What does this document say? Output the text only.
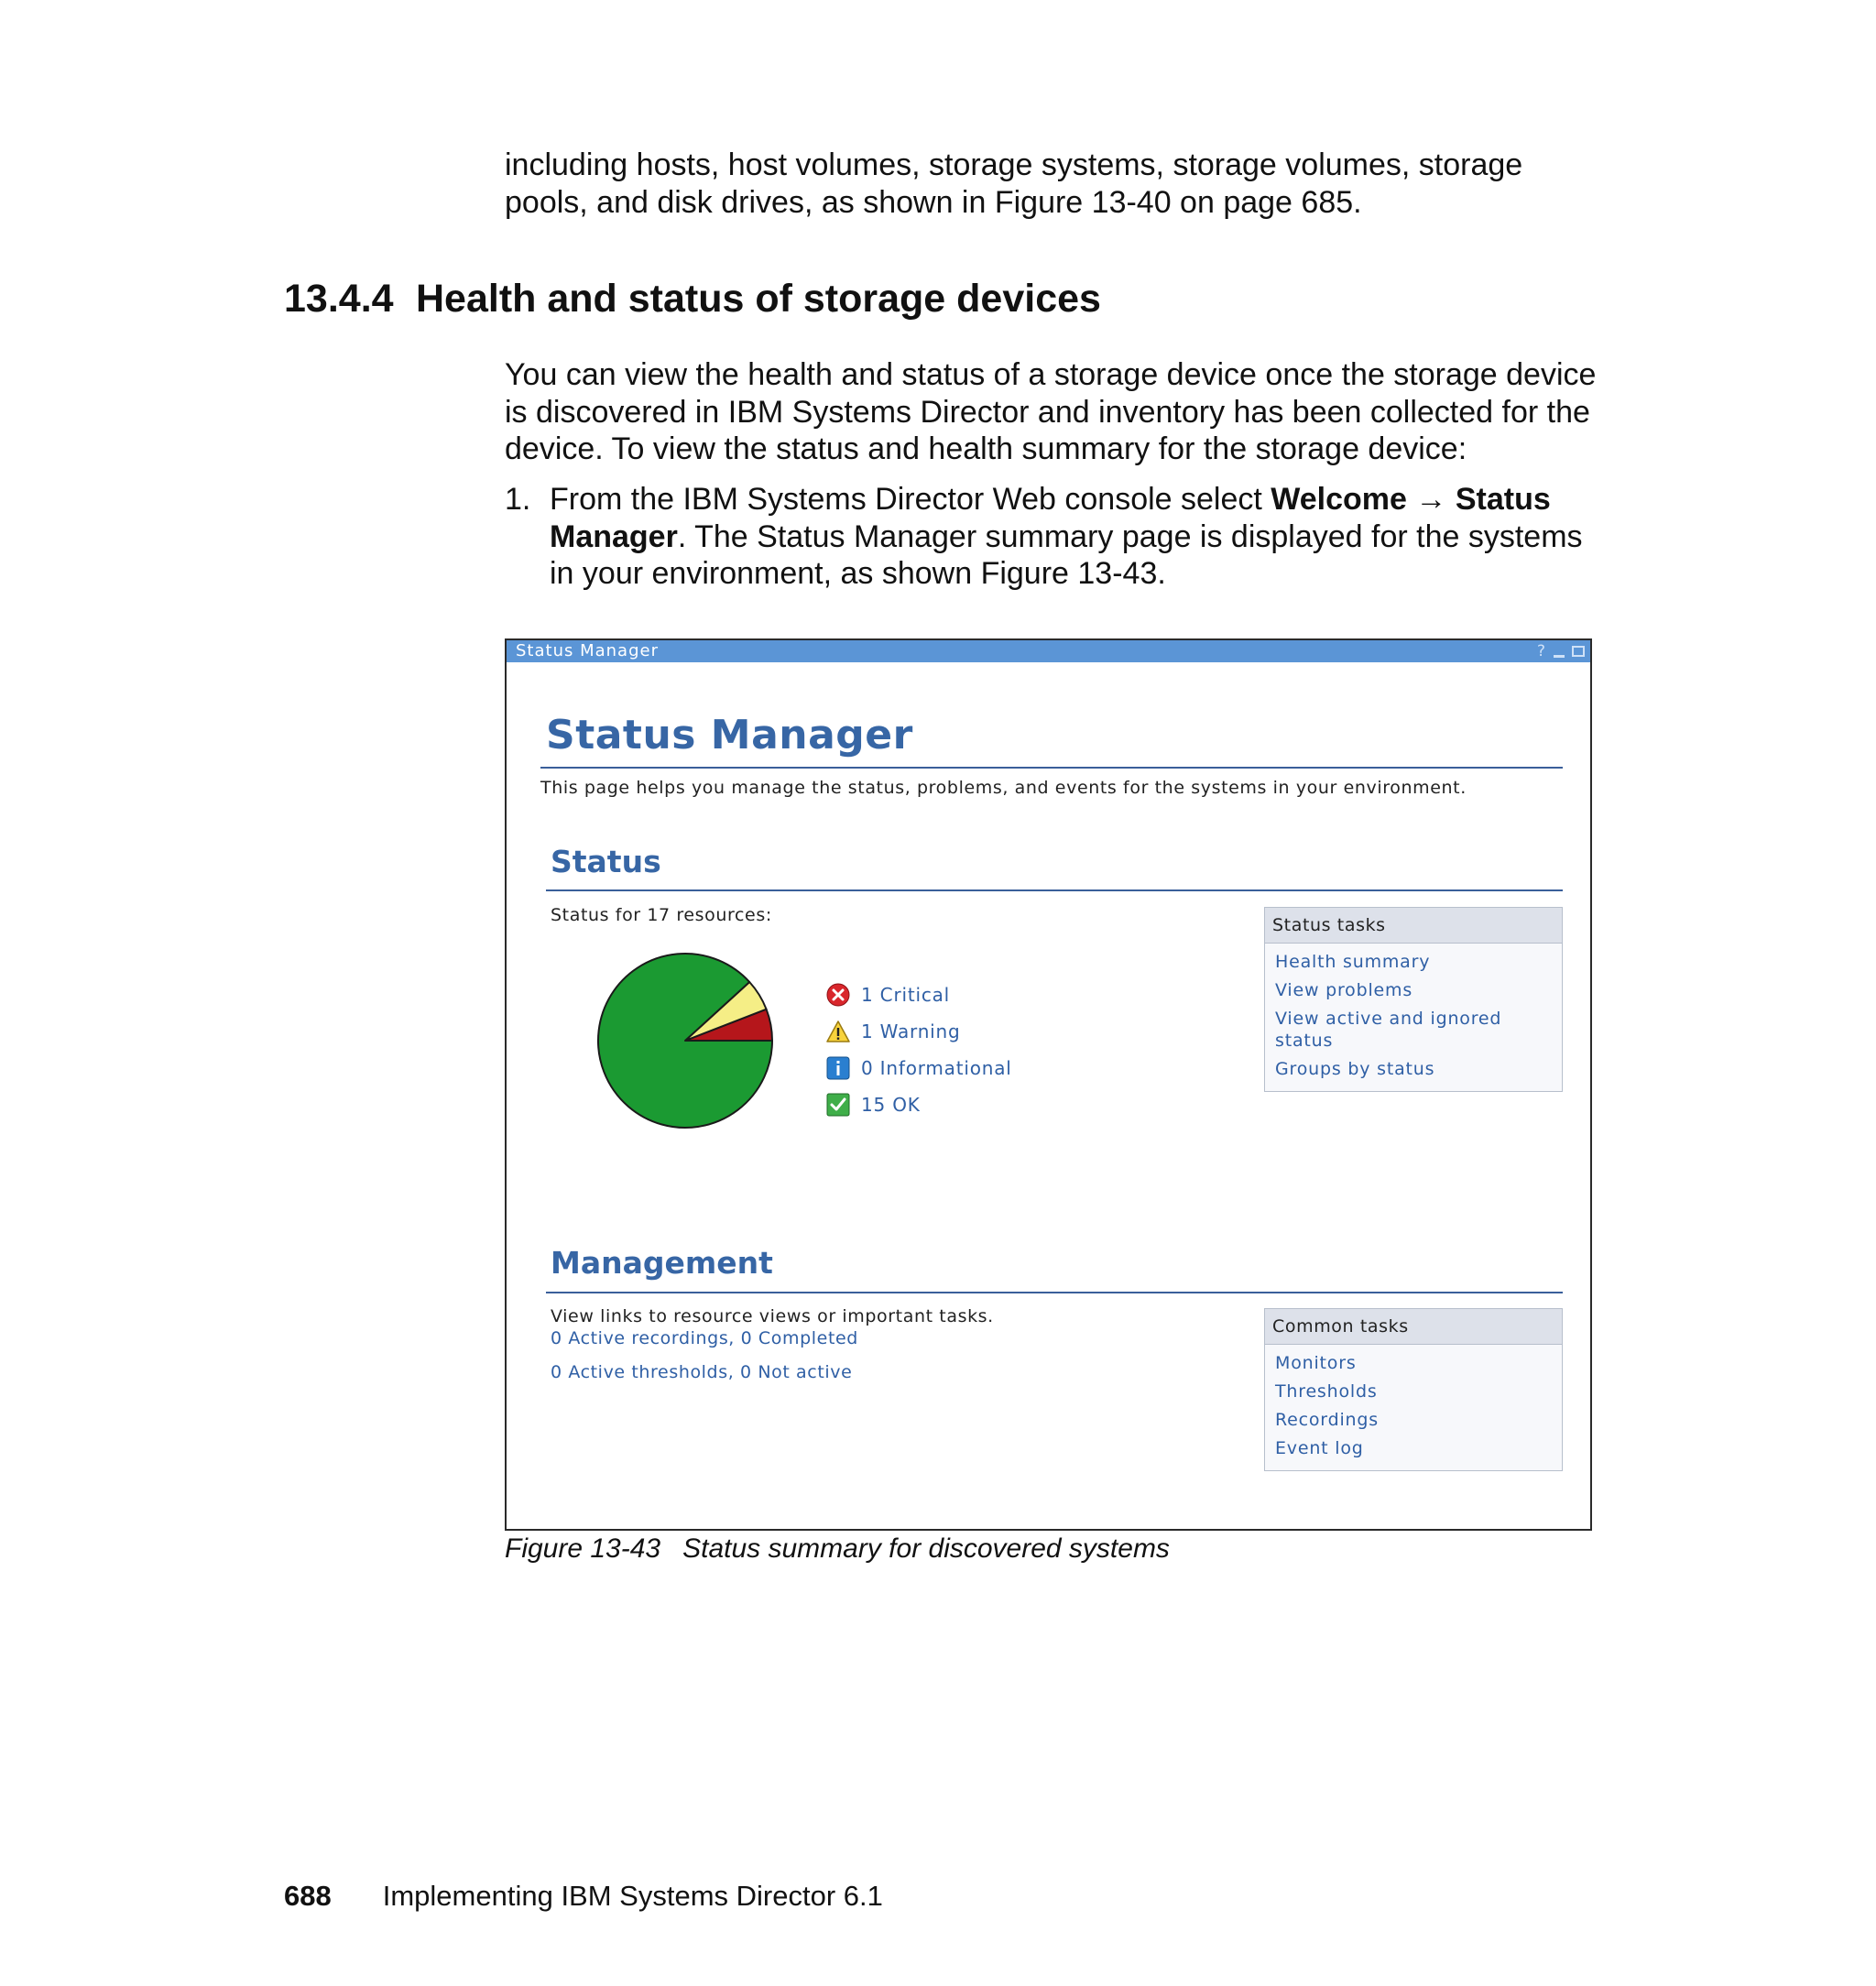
including hosts, host volumes, storage systems, storage volumes, storage pools, and disk drives, as shown in Figure 13-40 on page 685.
13.4.4 Health and status of storage devices
You can view the health and status of a storage device once the storage device is discovered in IBM Systems Director and inventory has been collected for the device. To view the status and health summary for the storage device:
1. From the IBM Systems Director Web console select Welcome → Status Manager. The Status Manager summary page is displayed for the systems in your environment, as shown Figure 13-43.
Status Manager	?
Status Manager
This page helps you manage the status, problems, and events for the systems in your environment.
Status
Status for 17 resources:
1 Critical
1 Warning
0 Informational
15 OK
Status tasks
Health summary
View problems
View active and ignored status
Groups by status
Management
View links to resource views or important tasks.
0 Active recordings, 0 Completed
0 Active thresholds, 0 Not active
Common tasks
Monitors
Thresholds
Recordings
Event log
Figure 13-43 Status summary for discovered systems
688 Implementing IBM Systems Director 6.1
